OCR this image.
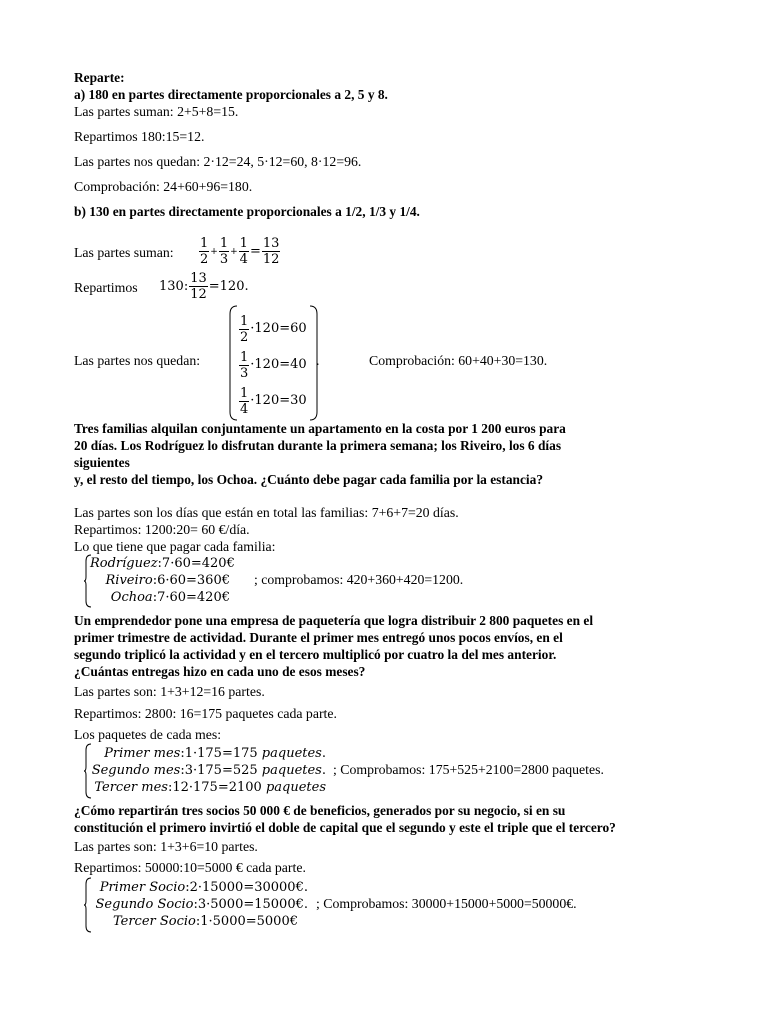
Reparte:
a) 180 en partes directamente proporcionales a 2, 5 y 8.
Las partes suman: 2+5+8=15.
Repartimos 180:15=12.
Las partes nos quedan: 2·12=24, 5·12=60, 8·12=96.
Comprobación: 24+60+96=180.
b) 130 en partes directamente proporcionales a 1/2, 1/3 y 1/4.
Las partes suman: $\frac{1}{2} + \frac{1}{3} + \frac{1}{4} = \frac{13}{12}$
Repartimos 130 : $\frac{13}{12} =120$.
Las partes nos quedan:
$\frac{1}{2} \cdot 120=60$
$\frac{1}{3} \cdot 120=40$
$\frac{1}{4} \cdot 120=30$
.	Comprobación: 60+40+30=130.
Tres familias alquilan conjuntamente un apartamento en la costa por 1 200 euros para
20 días. Los Rodríguez lo disfrutan durante la primera semana; los Riveiro, los 6 días
siguientes
y, el resto del tiempo, los Ochoa. ¿Cuánto debe pagar cada familia por la estancia?
Las partes son los días que están en total las familias: 7+6+7=20 días.
Repartimos: 1200:20= 60 €/día.
Lo que tiene que pagar cada familia:
Rodríguez:7·60=420€
Riveiro:6·60=360€
Ochoa:7·60=420€
; comprobamos: 420+360+420=1200.
Un emprendedor pone una empresa de paquetería que logra distribuir 2 800 paquetes en el
primer trimestre de actividad. Durante el primer mes entregó unos pocos envíos, en el
segundo triplicó la actividad y en el tercero multiplicó por cuatro la del mes anterior.
¿Cuántas entregas hizo en cada uno de esos meses?
Las partes son: 1+3+12=16 partes.
Repartimos: 2800: 16=175 paquetes cada parte.
Los paquetes de cada mes:
Primer mes:1·175=175 paquetes.
Segundo mes:3·175=525 paquetes.
Tercer mes:12·175=2100 paquetes
; Comprobamos: 175+525+2100=2800 paquetes.
¿Cómo repartirán tres socios 50 000 € de beneficios, generados por su negocio, si en su
constitución el primero invirtió el doble de capital que el segundo y este el triple que el tercero?
Las partes son: 1+3+6=10 partes.
Repartimos: 50000:10=5000 € cada parte.
Primer Socio:2·15000=30000€.
Segundo Socio:3·5000=15000€.
Tercer Socio:1·5000=5000€
; Comprobamos: 30000+15000+5000=50000€.
